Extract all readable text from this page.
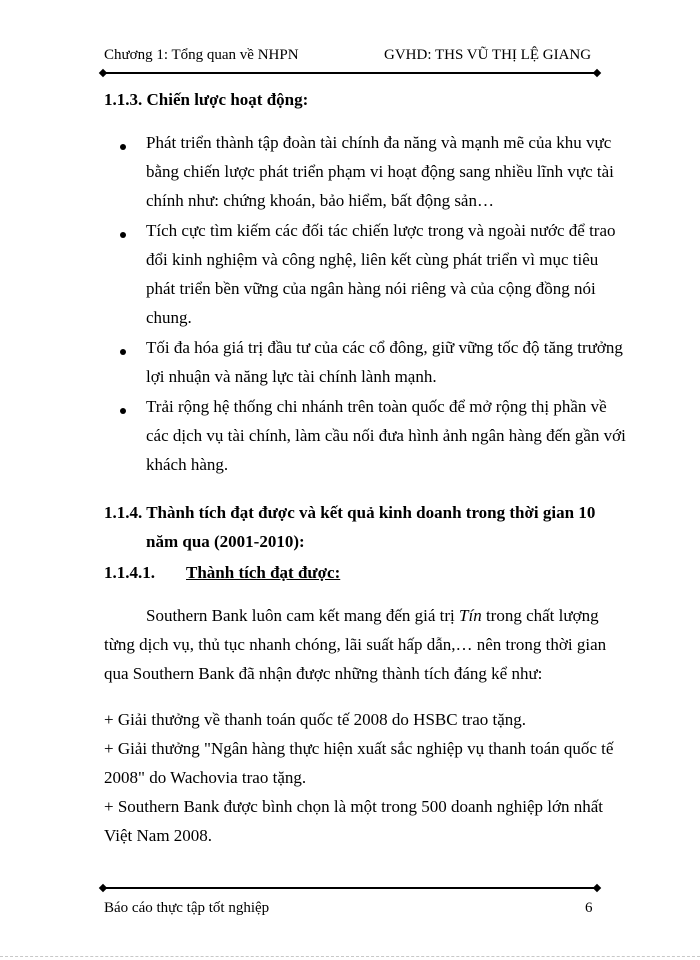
Chương 1: Tổng quan về NHPN	GVHD: THS VŨ THỊ LỆ GIANG
1.1.3. Chiến lược hoạt động:
Phát triển thành tập đoàn tài chính đa năng và mạnh mẽ của khu vực
bằng chiến lược phát triển phạm vi hoạt động sang nhiều lĩnh vực tài
chính như: chứng khoán, bảo hiểm, bất động sản…
Tích cực tìm kiếm các đối tác chiến lược trong và ngoài nước để trao
đổi kinh nghiệm và công nghệ, liên kết cùng phát triển vì mục tiêu
phát triển bền vững của ngân hàng nói riêng và của cộng đồng nói
chung.
Tối đa hóa giá trị đầu tư của các cổ đông, giữ vững tốc độ tăng trưởng
lợi nhuận và năng lực tài chính lành mạnh.
Trải rộng hệ thống chi nhánh trên toàn quốc để mở rộng thị phần về
các dịch vụ tài chính, làm cầu nối đưa hình ảnh ngân hàng đến gần với
khách hàng.
1.1.4. Thành tích đạt được và kết quả kinh doanh trong thời gian 10
năm qua (2001-2010):
1.1.4.1. Thành tích đạt được:
Southern Bank luôn cam kết mang đến giá trị Tín trong chất lượng
từng dịch vụ, thủ tục nhanh chóng, lãi suất hấp dẫn,… nên trong thời gian
qua Southern Bank đã nhận được những thành tích đáng kể như:
+ Giải thưởng về thanh toán quốc tế 2008 do HSBC trao tặng.
+ Giải thưởng "Ngân hàng thực hiện xuất sắc nghiệp vụ thanh toán quốc tế
2008" do Wachovia trao tặng.
+ Southern Bank được bình chọn là một trong 500 doanh nghiệp lớn nhất
Việt Nam 2008.
Báo cáo thực tập tốt nghiệp	6
